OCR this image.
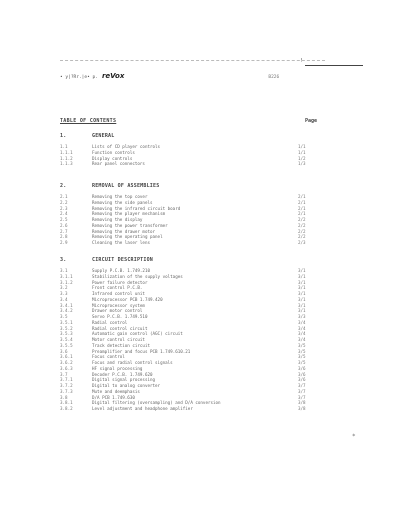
!
• y|?Rr.|e• p. reVox	B226
TABLE OF CONTENTS	Page
1.	GENERAL
1.1	Lists of CD player controls	1/1
1.1.1	Function controls	1/1
1.1.2	Display controls	1/2
1.1.3	Rear panel connectors	1/3
2.	REMOVAL OF ASSEMBLIES
2.1	Removing the top cover	2/1
2.2	Removing the side panels	2/1
2.3	Removing the infrared circuit board	2/1
2.4	Removing the player mechanism	2/1
2.5	Removing the display	2/2
2.6	Removing the power transformer	2/2
2.7	Removing the drawer motor	2/2
2.8	Removing the operating panel	2/2
2.9	Cleaning the laser lens	2/3
3.	CIRCUIT DESCRIPTION
3.1	Supply P.C.B. 1.749.210	3/1
3.1.1	Stabilization of the supply voltages	3/1
3.1.2	Power failure detector	3/1
3.2	Front control P.C.B.	3/1
3.3	Infrared control unit	3/1
3.4	Microprocessor PCB 1.749.420	3/1
3.4.1	Microprocessor system	3/1
3.4.2	Drawer motor control	3/1
3.5	Servo P.C.B. 1.749.510	3/3
3.5.1	Radial control	3/4
3.5.2	Radial control circuit	3/4
3.5.3	Automatic gain control (AGC) circuit	3/4
3.5.4	Motor control circuit	3/4
3.5.5	Track detection circuit	3/5
3.6	Preamplifier and focus PCB 1.749.610.21	3/5
3.6.1	Focus control	3/5
3.6.2	Focus and radial control signals	3/5
3.6.3	HF signal processing	3/6
3.7	Decoder P.C.B. 1.749.620	3/6
3.7.1	Digital signal processing	3/6
3.7.2	Digital to analog converter	3/7
3.7.3	Mute and deemphasis	3/7
3.8	D/A PCB 1.749.630	3/7
3.8.1	Digital filtering (oversampling) and D/A conversion	3/8
3.8.2	Level adjustment and headphone amplifier	3/8
*
